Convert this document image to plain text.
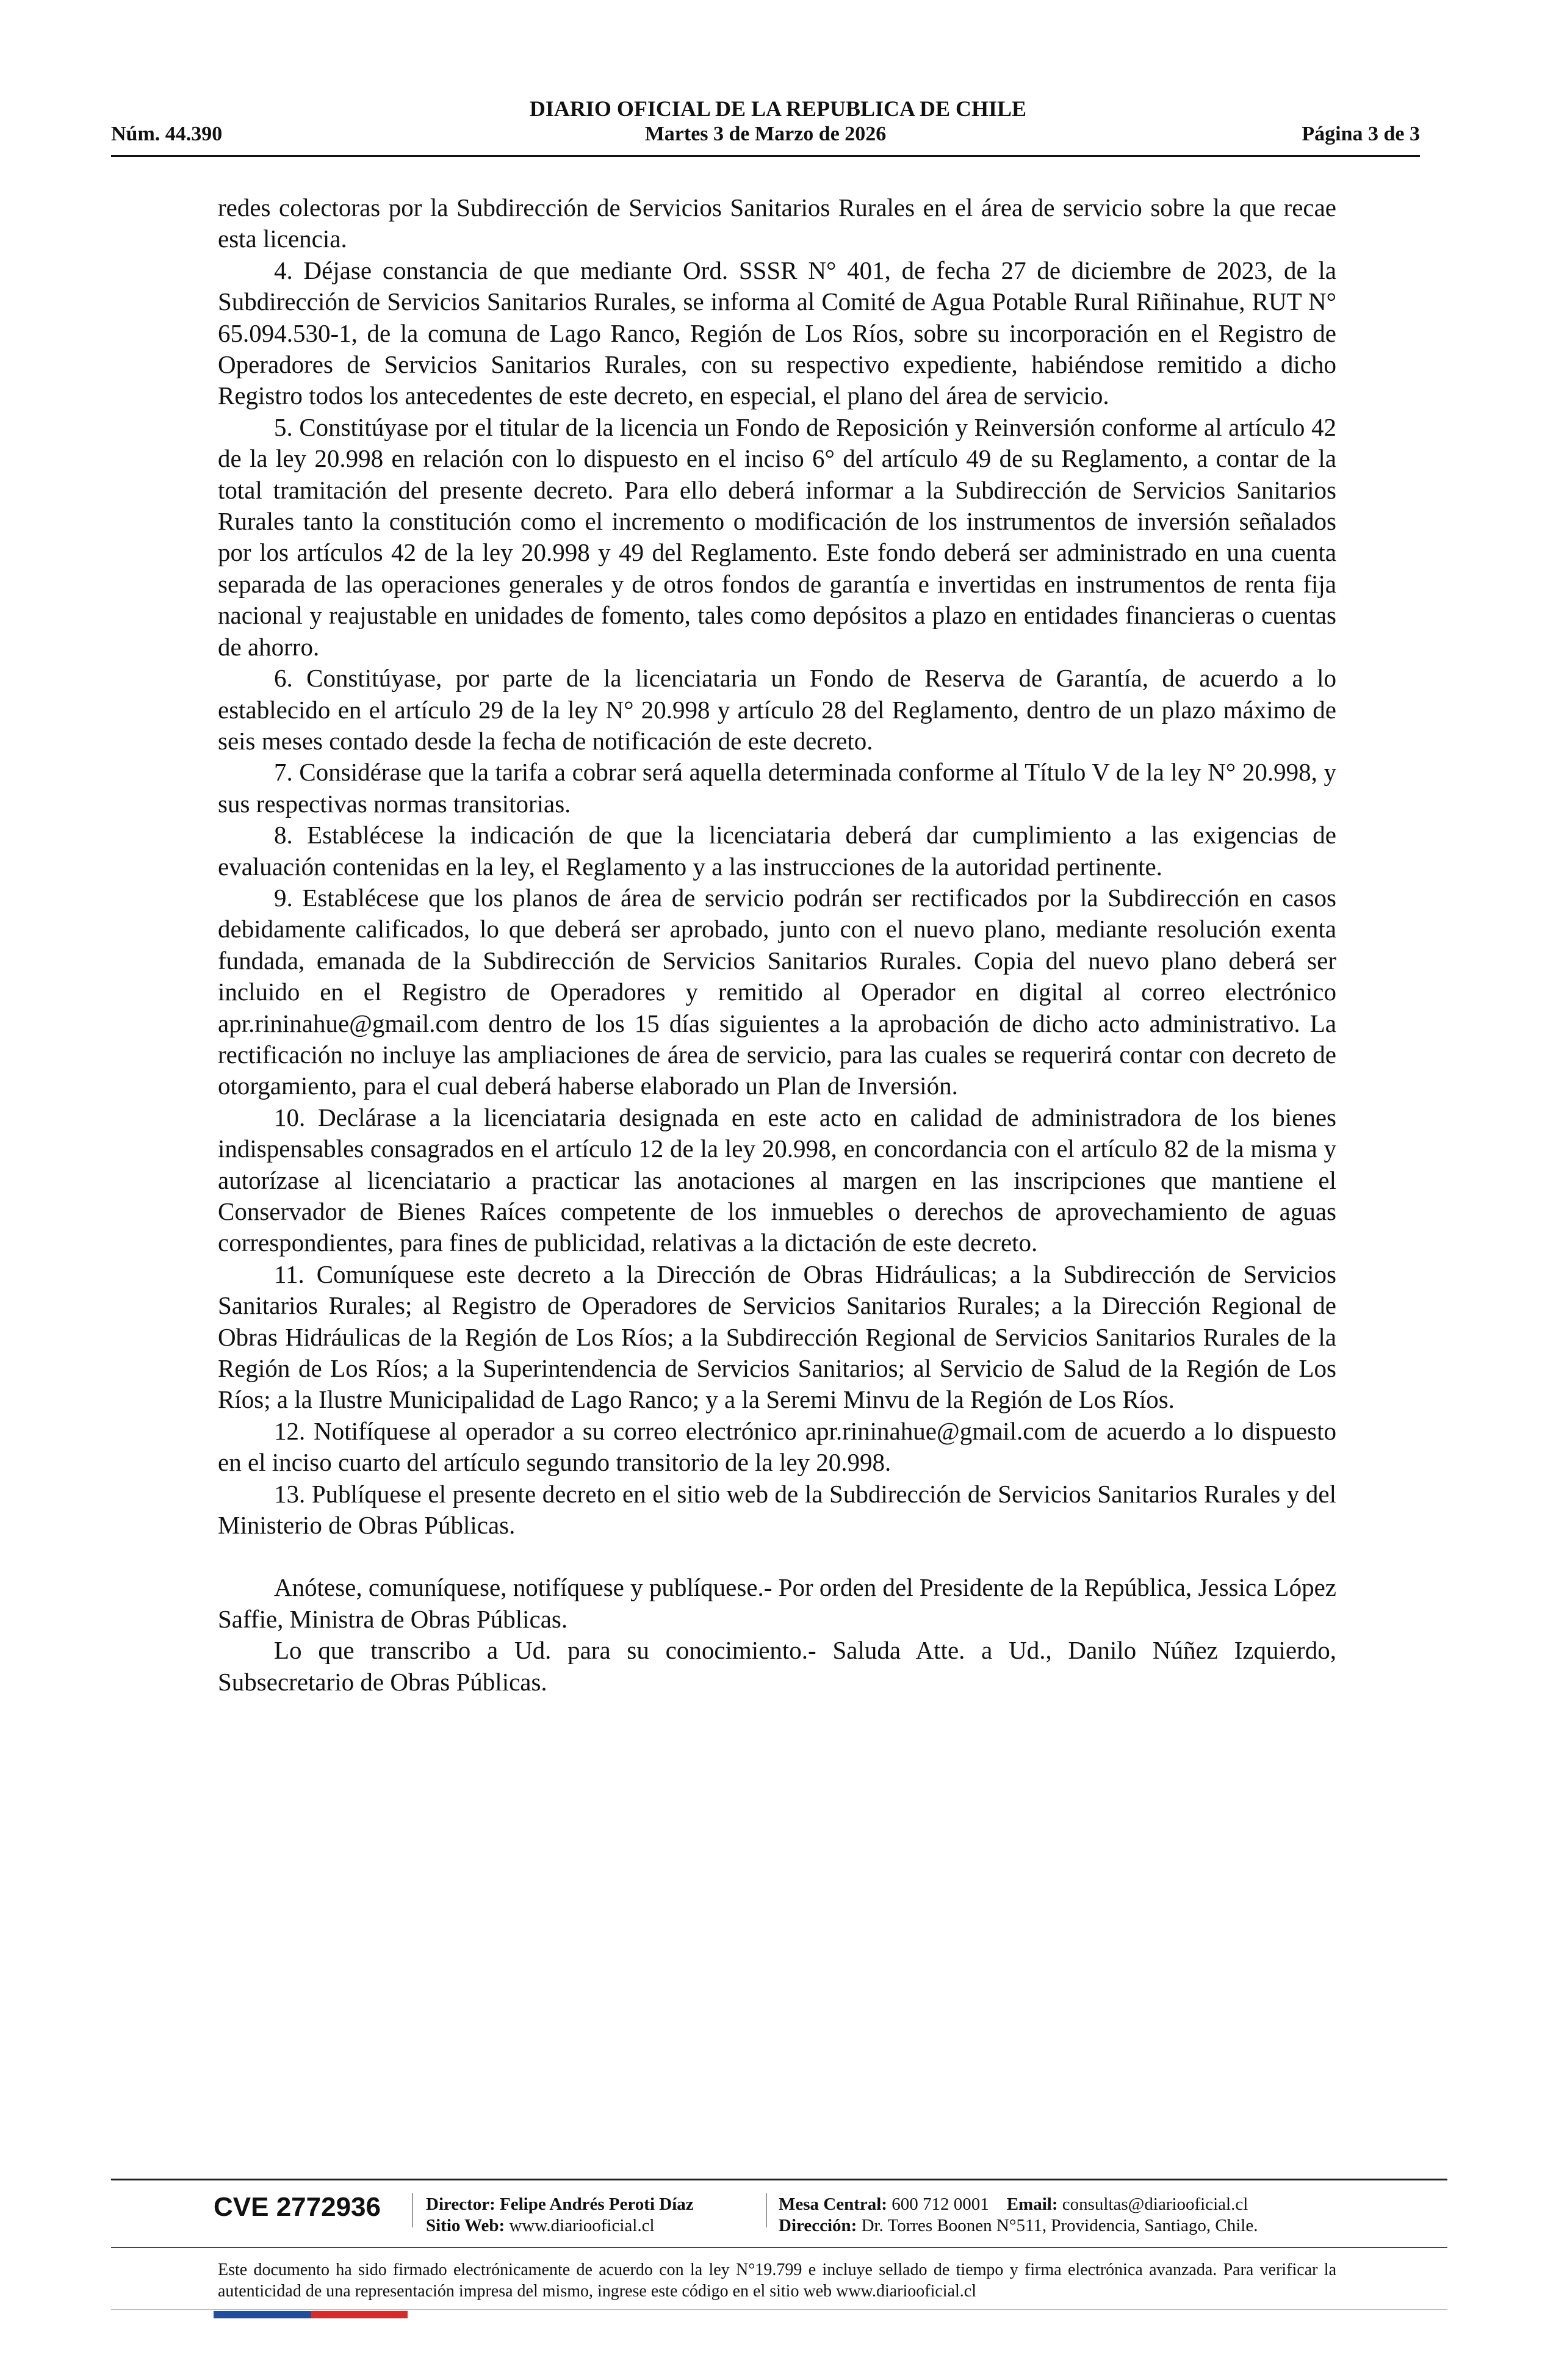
DIARIO OFICIAL DE LA REPUBLICA DE CHILE
Núm. 44.390	Martes 3 de Marzo de 2026	Página 3 de 3

redes colectoras por la Subdirección de Servicios Sanitarios Rurales en el área de servicio sobre la que recae esta licencia.

4. Déjase constancia de que mediante Ord. SSSR N° 401, de fecha 27 de diciembre de 2023, de la Subdirección de Servicios Sanitarios Rurales, se informa al Comité de Agua Potable Rural Riñinahue, RUT N° 65.094.530-1, de la comuna de Lago Ranco, Región de Los Ríos, sobre su incorporación en el Registro de Operadores de Servicios Sanitarios Rurales, con su respectivo expediente, habiéndose remitido a dicho Registro todos los antecedentes de este decreto, en especial, el plano del área de servicio.

5. Constitúyase por el titular de la licencia un Fondo de Reposición y Reinversión conforme al artículo 42 de la ley 20.998 en relación con lo dispuesto en el inciso 6° del artículo 49 de su Reglamento, a contar de la total tramitación del presente decreto. Para ello deberá informar a la Subdirección de Servicios Sanitarios Rurales tanto la constitución como el incremento o modificación de los instrumentos de inversión señalados por los artículos 42 de la ley 20.998 y 49 del Reglamento. Este fondo deberá ser administrado en una cuenta separada de las operaciones generales y de otros fondos de garantía e invertidas en instrumentos de renta fija nacional y reajustable en unidades de fomento, tales como depósitos a plazo en entidades financieras o cuentas de ahorro.

6. Constitúyase, por parte de la licenciataria un Fondo de Reserva de Garantía, de acuerdo a lo establecido en el artículo 29 de la ley N° 20.998 y artículo 28 del Reglamento, dentro de un plazo máximo de seis meses contado desde la fecha de notificación de este decreto.

7. Considérase que la tarifa a cobrar será aquella determinada conforme al Título V de la ley N° 20.998, y sus respectivas normas transitorias.

8. Establécese la indicación de que la licenciataria deberá dar cumplimiento a las exigencias de evaluación contenidas en la ley, el Reglamento y a las instrucciones de la autoridad pertinente.

9. Establécese que los planos de área de servicio podrán ser rectificados por la Subdirección en casos debidamente calificados, lo que deberá ser aprobado, junto con el nuevo plano, mediante resolución exenta fundada, emanada de la Subdirección de Servicios Sanitarios Rurales. Copia del nuevo plano deberá ser incluido en el Registro de Operadores y remitido al Operador en digital al correo electrónico apr.rininahue@gmail.com dentro de los 15 días siguientes a la aprobación de dicho acto administrativo. La rectificación no incluye las ampliaciones de área de servicio, para las cuales se requerirá contar con decreto de otorgamiento, para el cual deberá haberse elaborado un Plan de Inversión.

10. Declárase a la licenciataria designada en este acto en calidad de administradora de los bienes indispensables consagrados en el artículo 12 de la ley 20.998, en concordancia con el artículo 82 de la misma y autorízase al licenciatario a practicar las anotaciones al margen en las inscripciones que mantiene el Conservador de Bienes Raíces competente de los inmuebles o derechos de aprovechamiento de aguas correspondientes, para fines de publicidad, relativas a la dictación de este decreto.

11. Comuníquese este decreto a la Dirección de Obras Hidráulicas; a la Subdirección de Servicios Sanitarios Rurales; al Registro de Operadores de Servicios Sanitarios Rurales; a la Dirección Regional de Obras Hidráulicas de la Región de Los Ríos; a la Subdirección Regional de Servicios Sanitarios Rurales de la Región de Los Ríos; a la Superintendencia de Servicios Sanitarios; al Servicio de Salud de la Región de Los Ríos; a la Ilustre Municipalidad de Lago Ranco; y a la Seremi Minvu de la Región de Los Ríos.

12. Notifíquese al operador a su correo electrónico apr.rininahue@gmail.com de acuerdo a lo dispuesto en el inciso cuarto del artículo segundo transitorio de la ley 20.998.

13. Publíquese el presente decreto en el sitio web de la Subdirección de Servicios Sanitarios Rurales y del Ministerio de Obras Públicas.

Anótese, comuníquese, notifíquese y publíquese.- Por orden del Presidente de la República, Jessica López Saffie, Ministra de Obras Públicas.

Lo que transcribo a Ud. para su conocimiento.- Saluda Atte. a Ud., Danilo Núñez Izquierdo, Subsecretario de Obras Públicas.

CVE 2772936	Director: Felipe Andrés Peroti Díaz
Sitio Web: www.diariooficial.cl
Mesa Central: 600 712 0001 Email: consultas@diariooficial.cl
Dirección: Dr. Torres Boonen N°511, Providencia, Santiago, Chile.
Este documento ha sido firmado electrónicamente de acuerdo con la ley N°19.799 e incluye sellado de tiempo y firma electrónica avanzada. Para verificar la autenticidad de una representación impresa del mismo, ingrese este código en el sitio web www.diariooficial.cl
